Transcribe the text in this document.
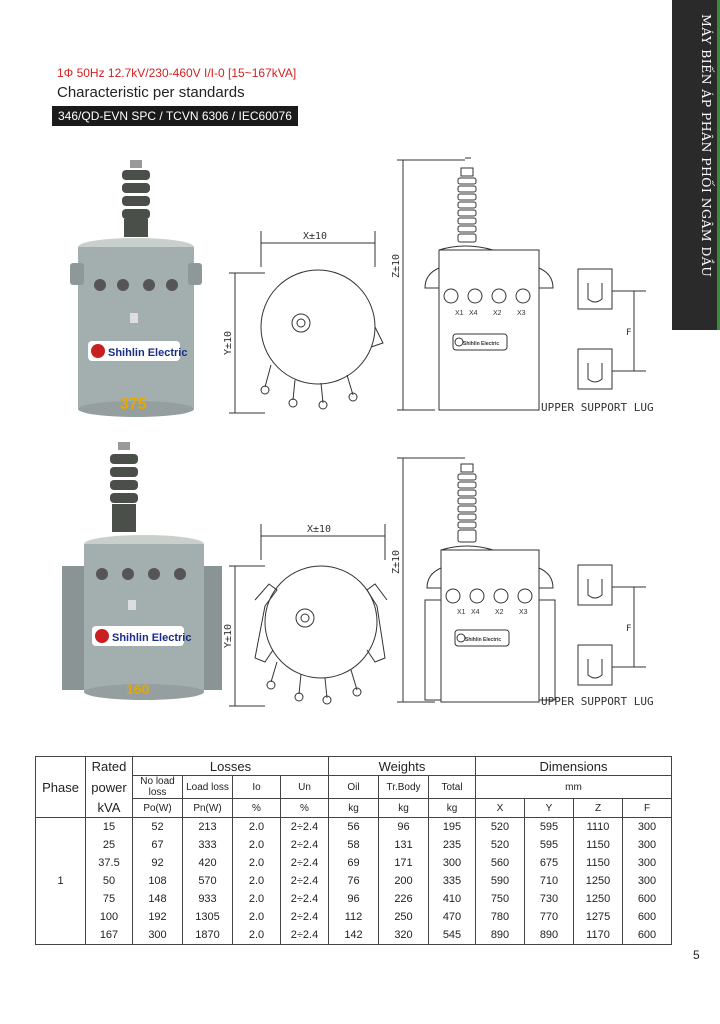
MÁY BIẾN ÁP PHÂN PHỐI NGÂM DẦU
1Φ 50Hz 12.7kV/230-460V I/I-0 [15~167kVA]
Characteristic per standards
346/QD-EVN SPC / TCVN 6306 / IEC60076
Shihlin Electric
375
X±10
Y±10
X1 X4 X2 X3
Shihlin Electric
Z±10
F
UPPER SUPPORT LUG
Shihlin Electric
160
X±10
Y±10
X1 X4 X2 X3
Shihlin Electric
Z±10
F
UPPER SUPPORT LUG
Phase	Rated	Losses				Weights			Dimensions			
	power	No load loss	Load loss	Io	Un	Oil	Tr.Body	Total	mm			
	kVA	Po(W)	Pn(W)	%	%	kg	kg	kg	X	Y	Z	F
1	15	52	213	2.0	2÷2.4	56	96	195	520	595	1110	300
	25	67	333	2.0	2÷2.4	58	131	235	520	595	1150	300
	37.5	92	420	2.0	2÷2.4	69	171	300	560	675	1150	300
	50	108	570	2.0	2÷2.4	76	200	335	590	710	1250	300
	75	148	933	2.0	2÷2.4	96	226	410	750	730	1250	600
	100	192	1305	2.0	2÷2.4	112	250	470	780	770	1275	600
	167	300	1870	2.0	2÷2.4	142	320	545	890	890	1170	600
5
